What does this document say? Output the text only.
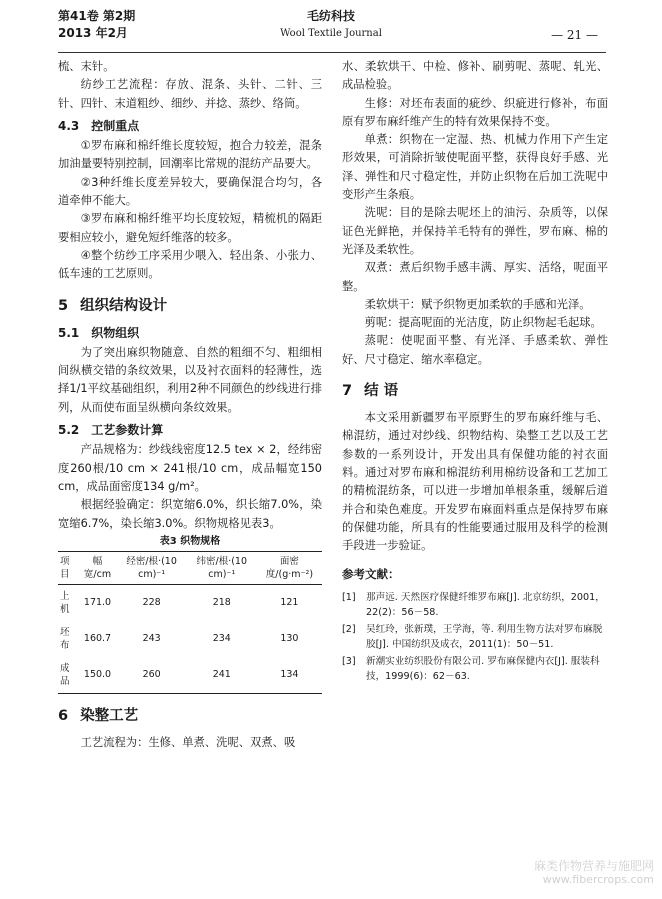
第41卷 第2期
2013 年2月
毛纺科技
Wool Textile Journal	— 21 —

梳、末针。

纺纱工艺流程：存放、混条、头针、二针、三针、四针、末道粗纱、细纱、并捻、蒸纱、络筒。

4.3 控制重点

①罗布麻和棉纤维长度较短，抱合力较差，混条加油量要特别控制，回潮率比常规的混纺产品要大。

②3种纤维长度差异较大，要确保混合均匀，各道牵伸不能大。

③罗布麻和棉纤维平均长度较短，精梳机的隔距要相应较小，避免短纤维落的较多。

④整个纺纱工序采用少喂入、轻出条、小张力、低车速的工艺原则。

5 组织结构设计
5.1 织物组织

为了突出麻织物随意、自然的粗细不匀、粗细相间纵横交错的条纹效果，以及衬衣面料的轻薄性，选择1/1平纹基础组织，利用2种不同颜色的纱线进行排列，从而使布面呈纵横向条纹效果。

5.2 工艺参数计算

产品规格为：纱线线密度12.5 tex × 2，经纬密度260根/10 cm × 241根/10 cm，成品幅宽150 cm，成品面密度134 g/m²。

根据经验确定：织宽缩6.0%，织长缩7.0%，染宽缩6.7%，染长缩3.0%。织物规格见表3。

表3 织物规格
项目	幅宽/cm	经密/根·(10 cm)⁻¹	纬密/根·(10 cm)⁻¹	面密度/(g·m⁻²)
上机	171.0	228	218	121
坯布	160.7	243	234	130
成品	150.0	260	241	134
6 染整工艺

工艺流程为：生修、单煮、洗呢、双煮、吸

水、柔软烘干、中检、修补、刷剪呢、蒸呢、轧光、成品检验。

生修：对坯布表面的疵纱、织疵进行修补，布面原有罗布麻纤维产生的特有效果保持不变。

单煮：织物在一定湿、热、机械力作用下产生定形效果，可消除折皱使呢面平整，获得良好手感、光泽、弹性和尺寸稳定性，并防止织物在后加工洗呢中变形产生条痕。

洗呢：目的是除去呢坯上的油污、杂质等，以保证色光鲜艳，并保持羊毛特有的弹性，罗布麻、棉的光泽及柔软性。

双煮：煮后织物手感丰满、厚实、活络，呢面平整。

柔软烘干：赋予织物更加柔软的手感和光泽。

剪呢：提高呢面的光洁度，防止织物起毛起球。

蒸呢：使呢面平整、有光泽、手感柔软、弹性好、尺寸稳定、缩水率稳定。

7 结 语

本文采用新疆罗布平原野生的罗布麻纤维与毛、棉混纺，通过对纱线、织物结构、染整工艺以及工艺参数的一系列设计，开发出具有保健功能的衬衣面料。通过对罗布麻和棉混纺利用棉纺设备和工艺加工的精梳混纺条，可以进一步增加单根条重，缓解后道并合和染色难度。开发罗布麻面料重点是保持罗布麻的保健功能，所具有的性能要通过服用及科学的检测手段进一步验证。

参考文献：
[1]	那声远. 天然医疗保健纤维罗布麻[J]. 北京纺织，2001，22(2)：56－58.
[2]	吴红玲，张新璞，王学海，等. 利用生物方法对罗布麻脱胶[J]. 中国纺织及成衣，2011(1)：50－51.
[3]	新潮实业纺织股份有限公司. 罗布麻保健内衣[J]. 服装科技，1999(6)：62－63.
麻类作物营养与施肥网
www.fibercrops.com
